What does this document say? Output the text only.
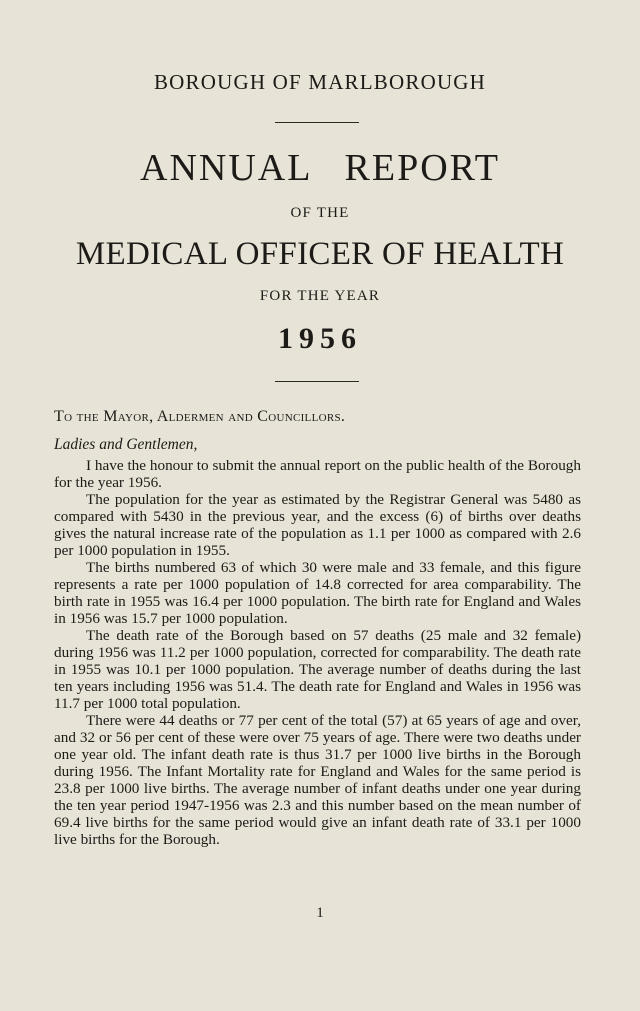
BOROUGH OF MARLBOROUGH
ANNUAL REPORT
OF THE
MEDICAL OFFICER OF HEALTH
FOR THE YEAR
1956
To the Mayor, Aldermen and Councillors.
Ladies and Gentlemen,

I have the honour to submit the annual report on the public health of the Borough for the year 1956.

The population for the year as estimated by the Registrar General was 5480 as compared with 5430 in the previous year, and the excess (6) of births over deaths gives the natural increase rate of the population as 1.1 per 1000 as compared with 2.6 per 1000 population in 1955.

The births numbered 63 of which 30 were male and 33 female, and this figure represents a rate per 1000 population of 14.8 corrected for area comparability. The birth rate in 1955 was 16.4 per 1000 population. The birth rate for England and Wales in 1956 was 15.7 per 1000 population.

The death rate of the Borough based on 57 deaths (25 male and 32 female) during 1956 was 11.2 per 1000 population, corrected for comparability. The death rate in 1955 was 10.1 per 1000 population. The average number of deaths during the last ten years including 1956 was 51.4. The death rate for England and Wales in 1956 was 11.7 per 1000 total population.

There were 44 deaths or 77 per cent of the total (57) at 65 years of age and over, and 32 or 56 per cent of these were over 75 years of age. There were two deaths under one year old. The infant death rate is thus 31.7 per 1000 live births in the Borough during 1956. The Infant Mortality rate for England and Wales for the same period is 23.8 per 1000 live births. The average number of infant deaths under one year during the ten year period 1947-1956 was 2.3 and this number based on the mean number of 69.4 live births for the same period would give an infant death rate of 33.1 per 1000 live births for the Borough.

1
